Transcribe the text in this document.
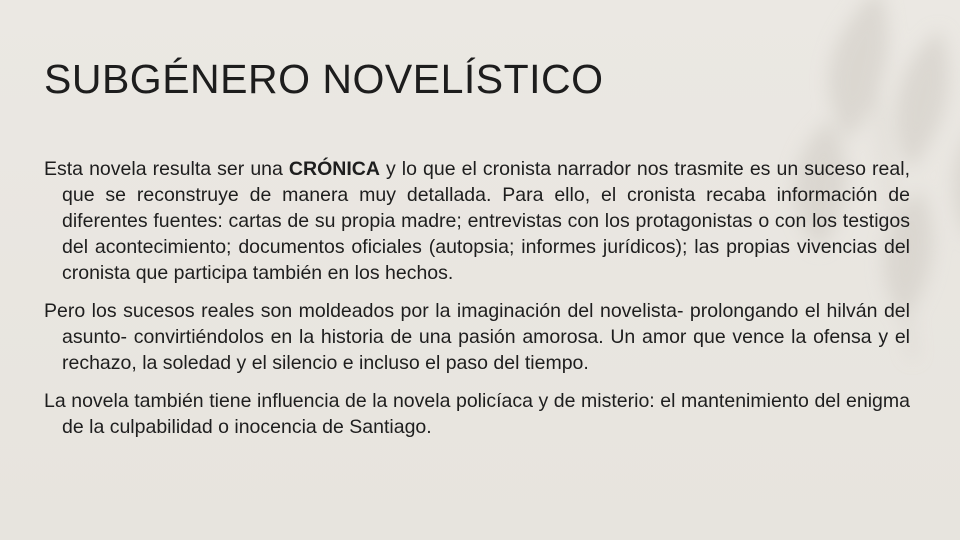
SUBGÉNERO NOVELÍSTICO

Esta novela resulta ser una CRÓNICA y lo que el cronista narrador nos trasmite es un suceso real, que se reconstruye de manera muy detallada. Para ello, el cronista recaba información de diferentes fuentes: cartas de su propia madre; entrevistas con los protagonistas o con los testigos del acontecimiento; documentos oficiales (autopsia; informes jurídicos); las propias vivencias del cronista que participa también en los hechos.

Pero los sucesos reales son moldeados por la imaginación del novelista- prolongando el hilván del asunto- convirtiéndolos en la historia de una pasión amorosa. Un amor que vence la ofensa y el rechazo, la soledad y el silencio e incluso el paso del tiempo.

La novela también tiene influencia de la novela policíaca y de misterio: el mantenimiento del enigma de la culpabilidad o inocencia de Santiago.
